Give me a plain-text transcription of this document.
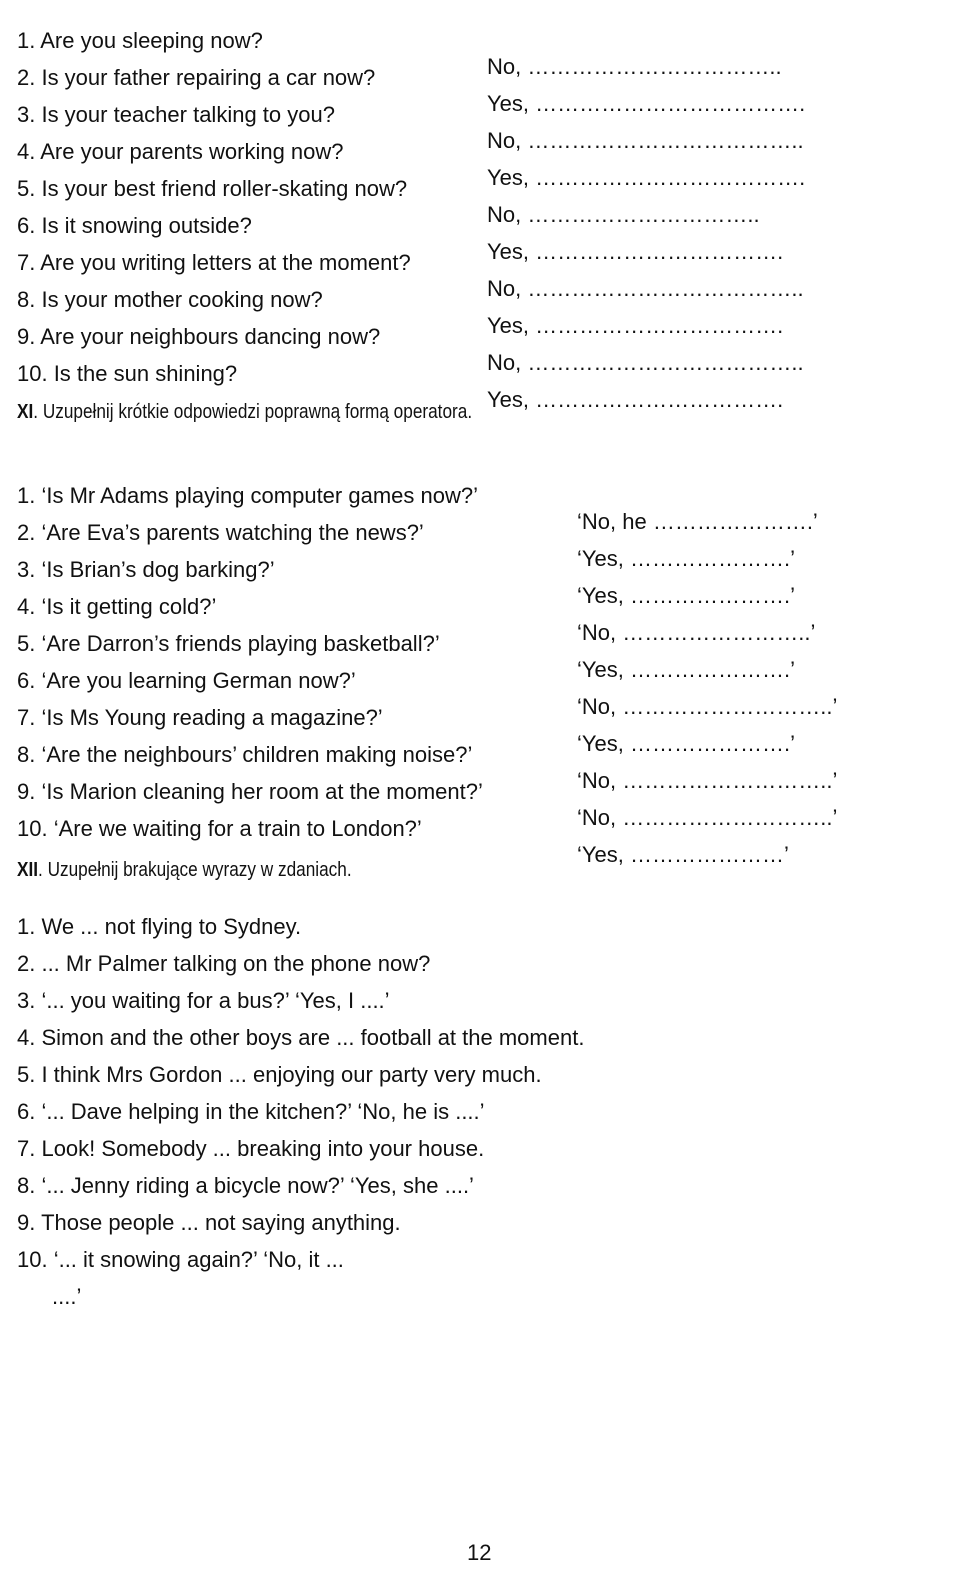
1. Are you sleeping now?

No, ……………………………..

2. Is your father repairing a car now?

Yes, ……………………………….

3. Is your teacher talking to you?

No, ………………………………..

4. Are your parents working now?

Yes, ……………………………….

5. Is your best friend roller-skating now?

No, …………………………..

6. Is it snowing outside?

Yes, …………………………….

7. Are you writing letters at the moment?

No, ………………………………..

8. Is your mother cooking now?

Yes, …………………………….

9. Are your neighbours dancing now?

No, ………………………………..

10. Is the sun shining?

Yes, …………………………….

XI. Uzupełnij krótkie odpowiedzi poprawną formą operatora.

1. ‘Is Mr Adams playing computer games now?’

‘No, he ………………….’

2. ‘Are Eva’s parents watching the news?’

‘Yes, ………………….’

3. ‘Is Brian’s dog barking?’

‘Yes, ………………….’

4. ‘Is it getting cold?’

‘No, ……………………..’

5. ‘Are Darron’s friends playing basketball?’

‘Yes, ………………….’

6. ‘Are you learning German now?’

‘No, ………………………..’

7. ‘Is Ms Young reading a magazine?’

‘Yes, ………………….’

8. ‘Are the neighbours’ children making noise?’

‘No, ………………………..’

9. ‘Is Marion cleaning her room at the moment?’

‘No, ………………………..’

10. ‘Are we waiting for a train to London?’

‘Yes, …………………’

XII. Uzupełnij brakujące wyrazy w zdaniach.
1. We ... not flying to Sydney.
2. ... Mr Palmer talking on the phone now?
3. ‘... you waiting for a bus?’ ‘Yes, I ....’
4. Simon and the other boys are ... football at the moment.
5. I think Mrs Gordon ... enjoying our party very much.
6. ‘... Dave helping in the kitchen?’ ‘No, he is ....’
7. Look! Somebody ... breaking into your house.
8. ‘... Jenny riding a bicycle now?’ ‘Yes, she ....’
9. Those people ... not saying anything.
10. ‘... it snowing again?’ ‘No, it ...
....’
12
